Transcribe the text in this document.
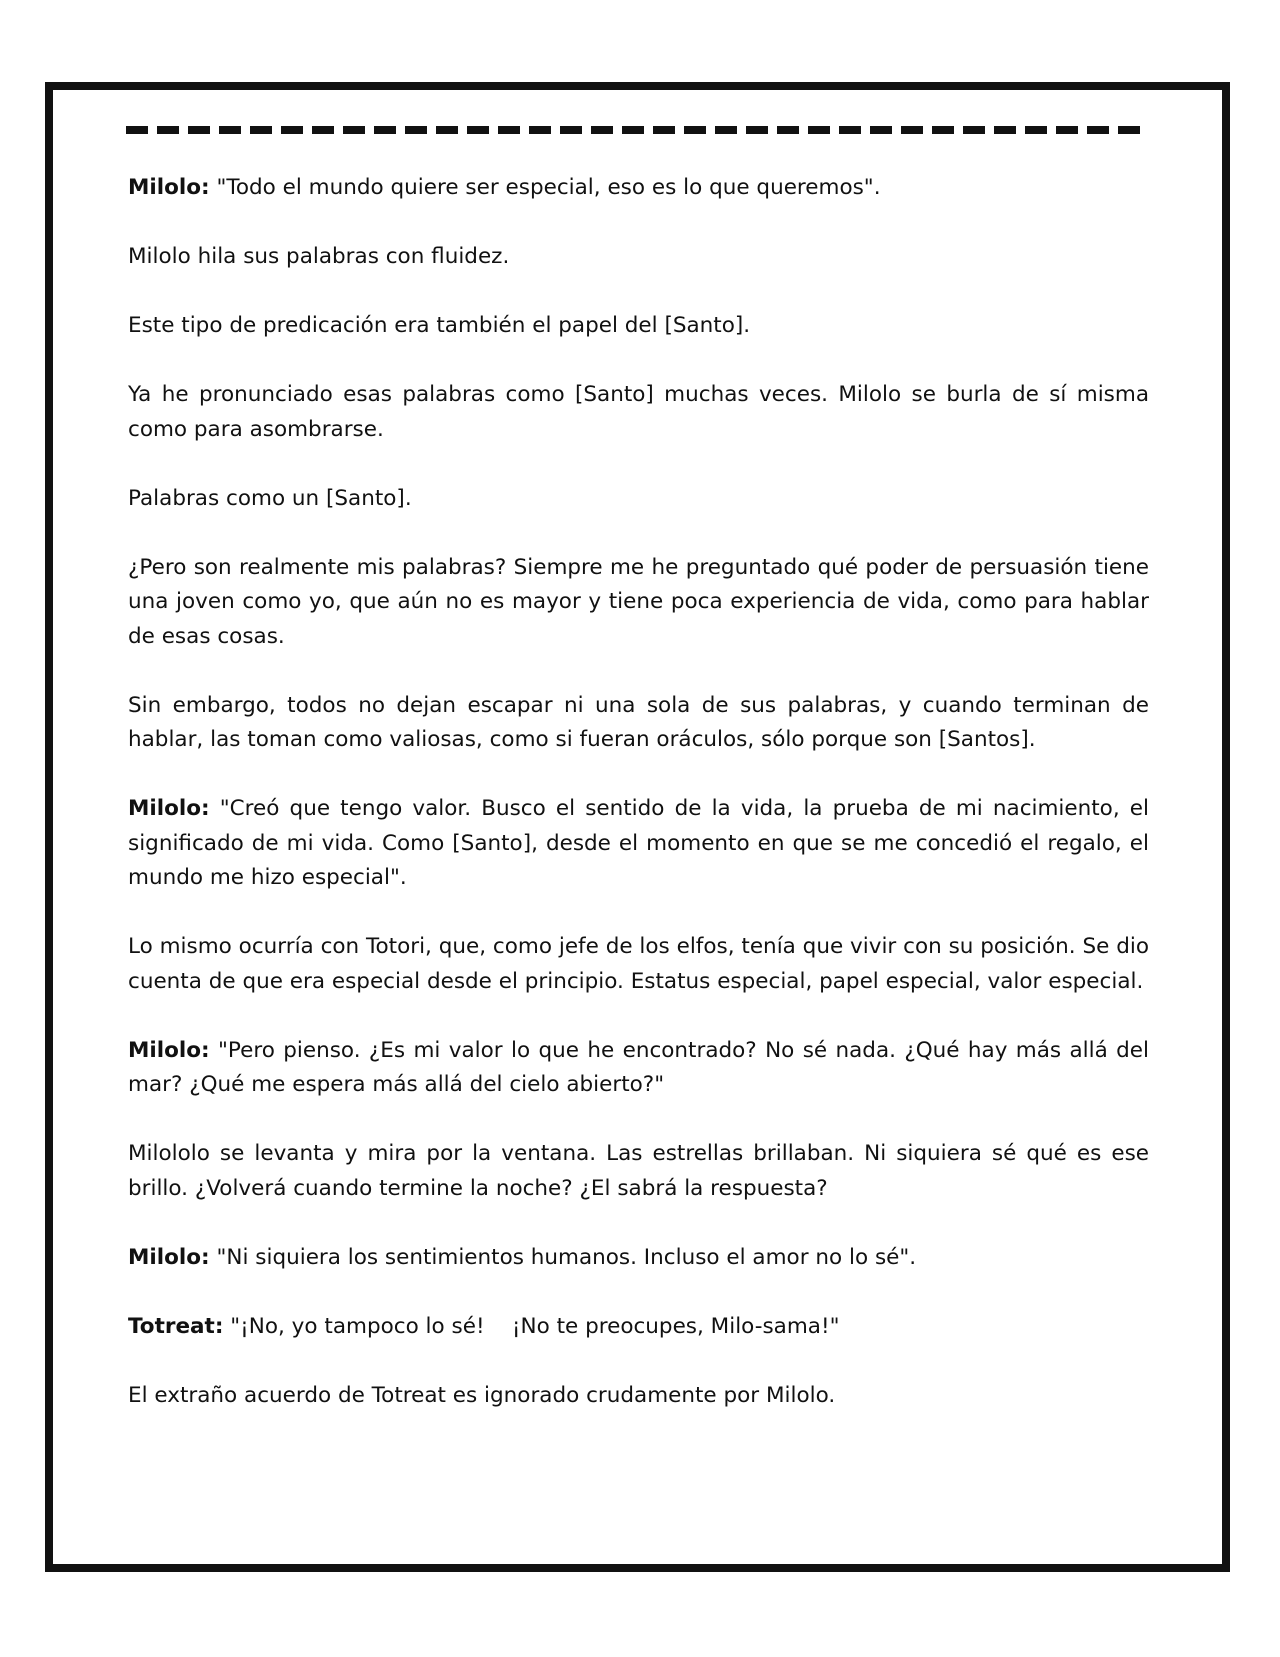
Milolo: "Todo el mundo quiere ser especial, eso es lo que queremos".

Milolo hila sus palabras con fluidez.

Este tipo de predicación era también el papel del [Santo].

Ya he pronunciado esas palabras como [Santo] muchas veces. Milolo se burla de sí misma como para asombrarse.

Palabras como un [Santo].

¿Pero son realmente mis palabras? Siempre me he preguntado qué poder de persuasión tiene una joven como yo, que aún no es mayor y tiene poca experiencia de vida, como para hablar de esas cosas.

Sin embargo, todos no dejan escapar ni una sola de sus palabras, y cuando terminan de hablar, las toman como valiosas, como si fueran oráculos, sólo porque son [Santos].

Milolo: "Creó que tengo valor. Busco el sentido de la vida, la prueba de mi nacimiento, el significado de mi vida. Como [Santo], desde el momento en que se me concedió el regalo, el mundo me hizo especial".

Lo mismo ocurría con Totori, que, como jefe de los elfos, tenía que vivir con su posición. Se dio cuenta de que era especial desde el principio. Estatus especial, papel especial, valor especial.

Milolo: "Pero pienso. ¿Es mi valor lo que he encontrado? No sé nada. ¿Qué hay más allá del mar? ¿Qué me espera más allá del cielo abierto?"

Milololo se levanta y mira por la ventana. Las estrellas brillaban. Ni siquiera sé qué es ese brillo. ¿Volverá cuando termine la noche? ¿El sabrá la respuesta?

Milolo: "Ni siquiera los sentimientos humanos. Incluso el amor no lo sé".

Totreat: "¡No, yo tampoco lo sé!    ¡No te preocupes, Milo-sama!"

El extraño acuerdo de Totreat es ignorado crudamente por Milolo.
